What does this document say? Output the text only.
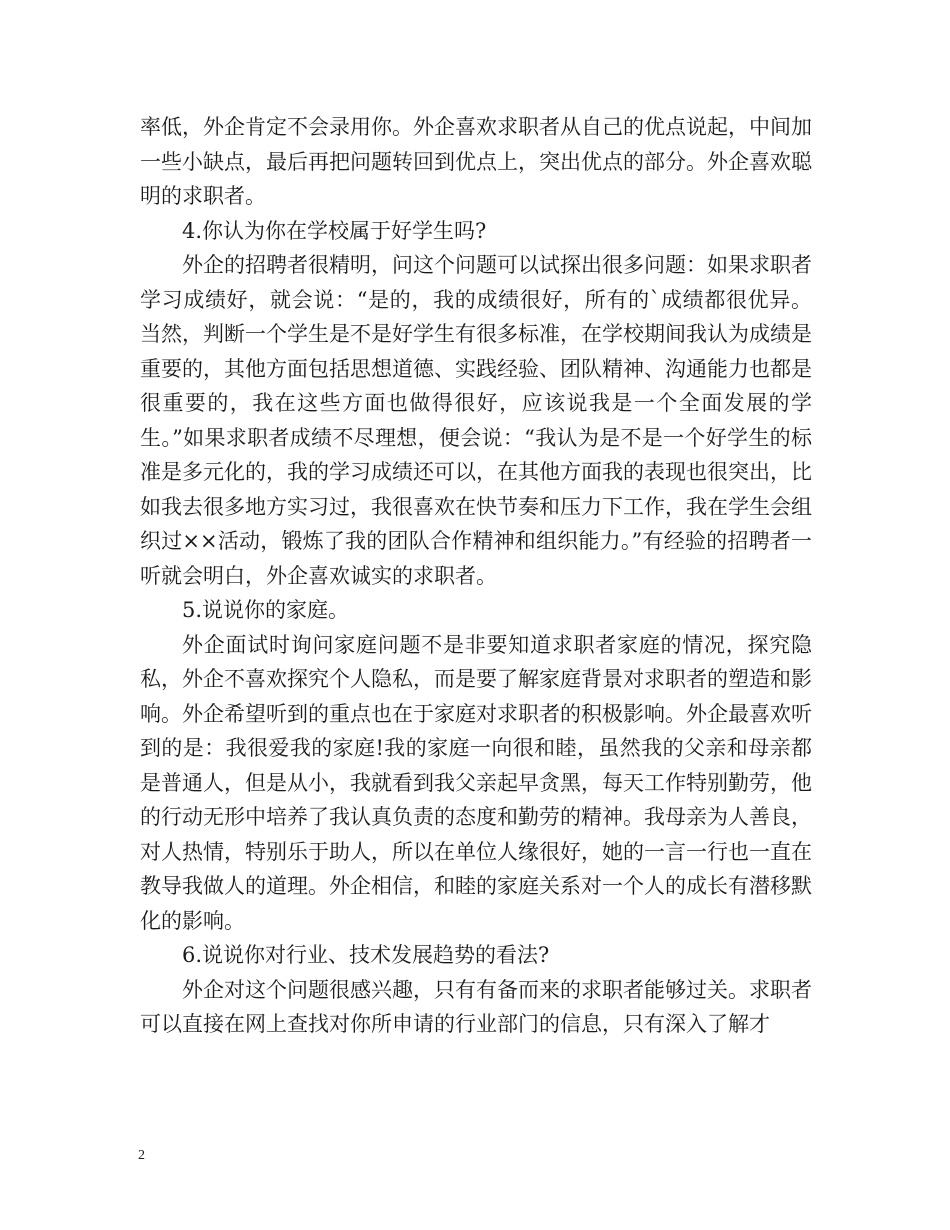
率低，外企肯定不会录用你。外企喜欢求职者从自己的优点说起，中间加一些小缺点，最后再把问题转回到优点上，突出优点的部分。外企喜欢聪明的求职者。

4.你认为你在学校属于好学生吗?

外企的招聘者很精明，问这个问题可以试探出很多问题：如果求职者学习成绩好，就会说：“是的，我的成绩很好，所有的`成绩都很优异。当然，判断一个学生是不是好学生有很多标准，在学校期间我认为成绩是重要的，其他方面包括思想道德、实践经验、团队精神、沟通能力也都是很重要的，我在这些方面也做得很好，应该说我是一个全面发展的学生。”如果求职者成绩不尽理想，便会说：“我认为是不是一个好学生的标准是多元化的，我的学习成绩还可以，在其他方面我的表现也很突出，比如我去很多地方实习过，我很喜欢在快节奏和压力下工作，我在学生会组织过××活动，锻炼了我的团队合作精神和组织能力。”有经验的招聘者一听就会明白，外企喜欢诚实的求职者。

5.说说你的家庭。

外企面试时询问家庭问题不是非要知道求职者家庭的情况，探究隐私，外企不喜欢探究个人隐私，而是要了解家庭背景对求职者的塑造和影响。外企希望听到的重点也在于家庭对求职者的积极影响。外企最喜欢听到的是：我很爱我的家庭!我的家庭一向很和睦，虽然我的父亲和母亲都是普通人，但是从小，我就看到我父亲起早贪黑，每天工作特别勤劳，他的行动无形中培养了我认真负责的态度和勤劳的精神。我母亲为人善良，对人热情，特别乐于助人，所以在单位人缘很好，她的一言一行也一直在教导我做人的道理。外企相信，和睦的家庭关系对一个人的成长有潜移默化的影响。

6.说说你对行业、技术发展趋势的看法?

外企对这个问题很感兴趣，只有有备而来的求职者能够过关。求职者可以直接在网上查找对你所申请的行业部门的信息，只有深入了解才

2
